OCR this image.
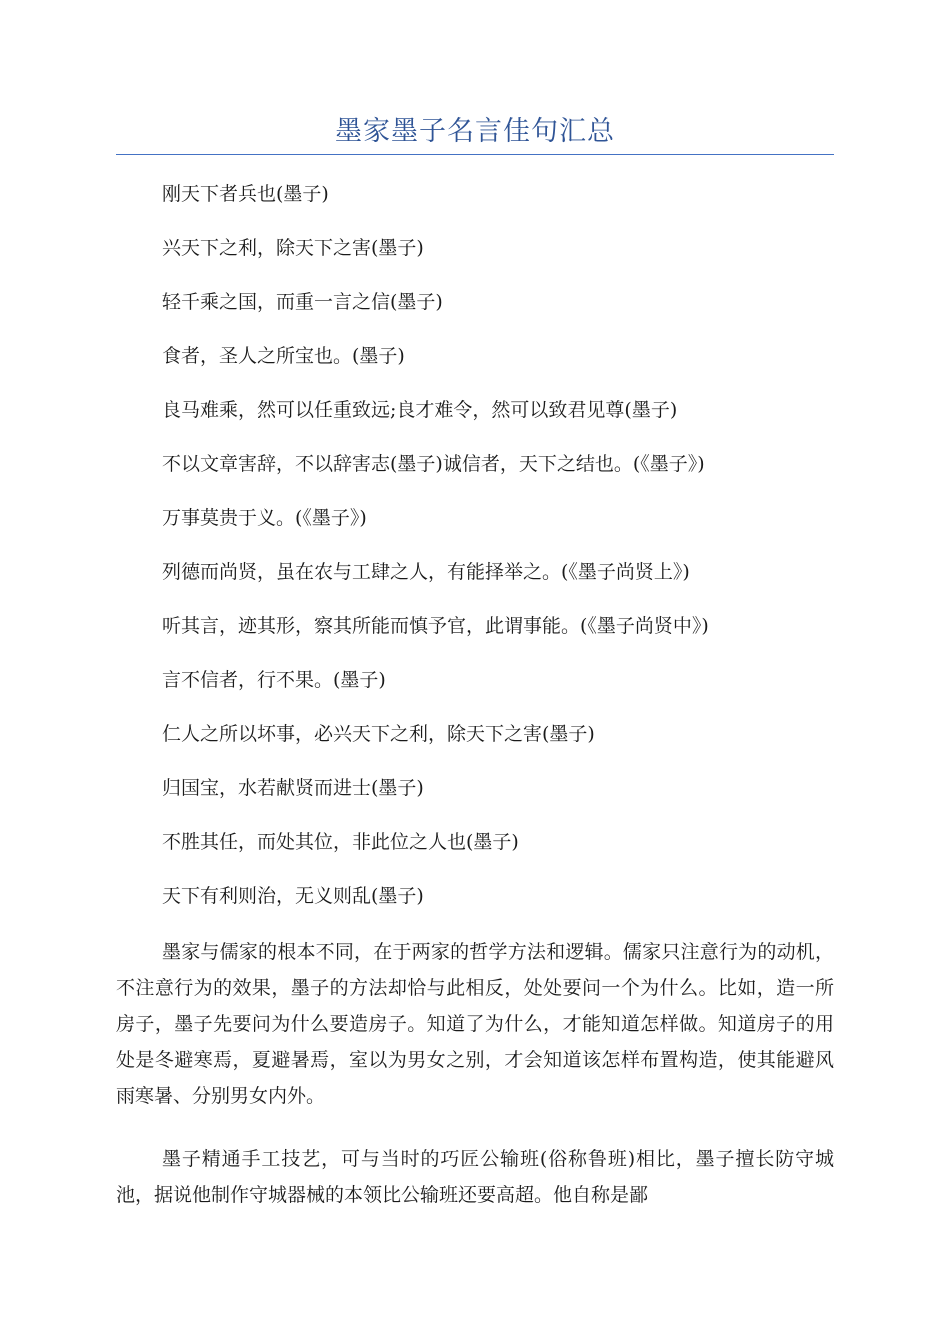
墨家墨子名言佳句汇总
刚天下者兵也(墨子)
兴天下之利，除天下之害(墨子)
轻千乘之国，而重一言之信(墨子)
食者，圣人之所宝也。(墨子)
良马难乘，然可以任重致远;良才难令，然可以致君见尊(墨子)
不以文章害辞，不以辞害志(墨子)诚信者，天下之结也。(《墨子》)
万事莫贵于义。(《墨子》)
列德而尚贤，虽在农与工肆之人，有能择举之。(《墨子尚贤上》)
听其言，迹其形，察其所能而慎予官，此谓事能。(《墨子尚贤中》)
言不信者，行不果。(墨子)
仁人之所以坏事，必兴天下之利，除天下之害(墨子)
归国宝，水若献贤而进士(墨子)
不胜其任，而处其位，非此位之人也(墨子)
天下有利则治，无义则乱(墨子)

墨家与儒家的根本不同，在于两家的哲学方法和逻辑。儒家只注意行为的动机，不注意行为的效果，墨子的方法却恰与此相反，处处要问一个为什么。比如，造一所房子，墨子先要问为什么要造房子。知道了为什么，才能知道怎样做。知道房子的用处是冬避寒焉，夏避暑焉，室以为男女之别，才会知道该怎样布置构造，使其能避风雨寒暑、分别男女内外。

墨子精通手工技艺，可与当时的巧匠公输班(俗称鲁班)相比，墨子擅长防守城池，据说他制作守城器械的本领比公输班还要高超。他自称是鄙
